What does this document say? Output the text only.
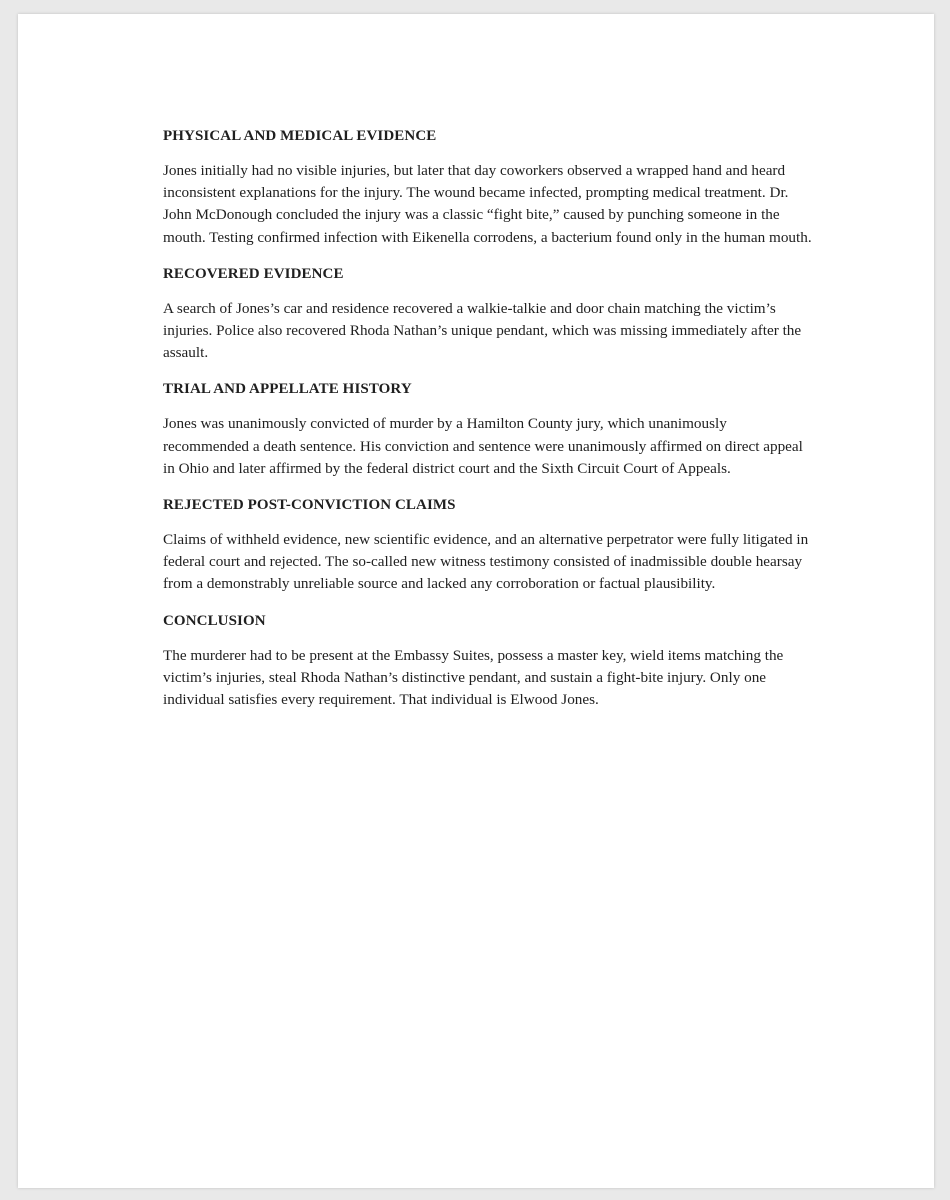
PHYSICAL AND MEDICAL EVIDENCE

Jones initially had no visible injuries, but later that day coworkers observed a wrapped hand and heard inconsistent explanations for the injury. The wound became infected, prompting medical treatment. Dr. John McDonough concluded the injury was a classic “fight bite,” caused by punching someone in the mouth. Testing confirmed infection with Eikenella corrodens, a bacterium found only in the human mouth.

RECOVERED EVIDENCE

A search of Jones’s car and residence recovered a walkie-talkie and door chain matching the victim’s injuries. Police also recovered Rhoda Nathan’s unique pendant, which was missing immediately after the assault.

TRIAL AND APPELLATE HISTORY

Jones was unanimously convicted of murder by a Hamilton County jury, which unanimously recommended a death sentence. His conviction and sentence were unanimously affirmed on direct appeal in Ohio and later affirmed by the federal district court and the Sixth Circuit Court of Appeals.

REJECTED POST-CONVICTION CLAIMS

Claims of withheld evidence, new scientific evidence, and an alternative perpetrator were fully litigated in federal court and rejected. The so-called new witness testimony consisted of inadmissible double hearsay from a demonstrably unreliable source and lacked any corroboration or factual plausibility.

CONCLUSION

The murderer had to be present at the Embassy Suites, possess a master key, wield items matching the victim’s injuries, steal Rhoda Nathan’s distinctive pendant, and sustain a fight-bite injury. Only one individual satisfies every requirement. That individual is Elwood Jones.
